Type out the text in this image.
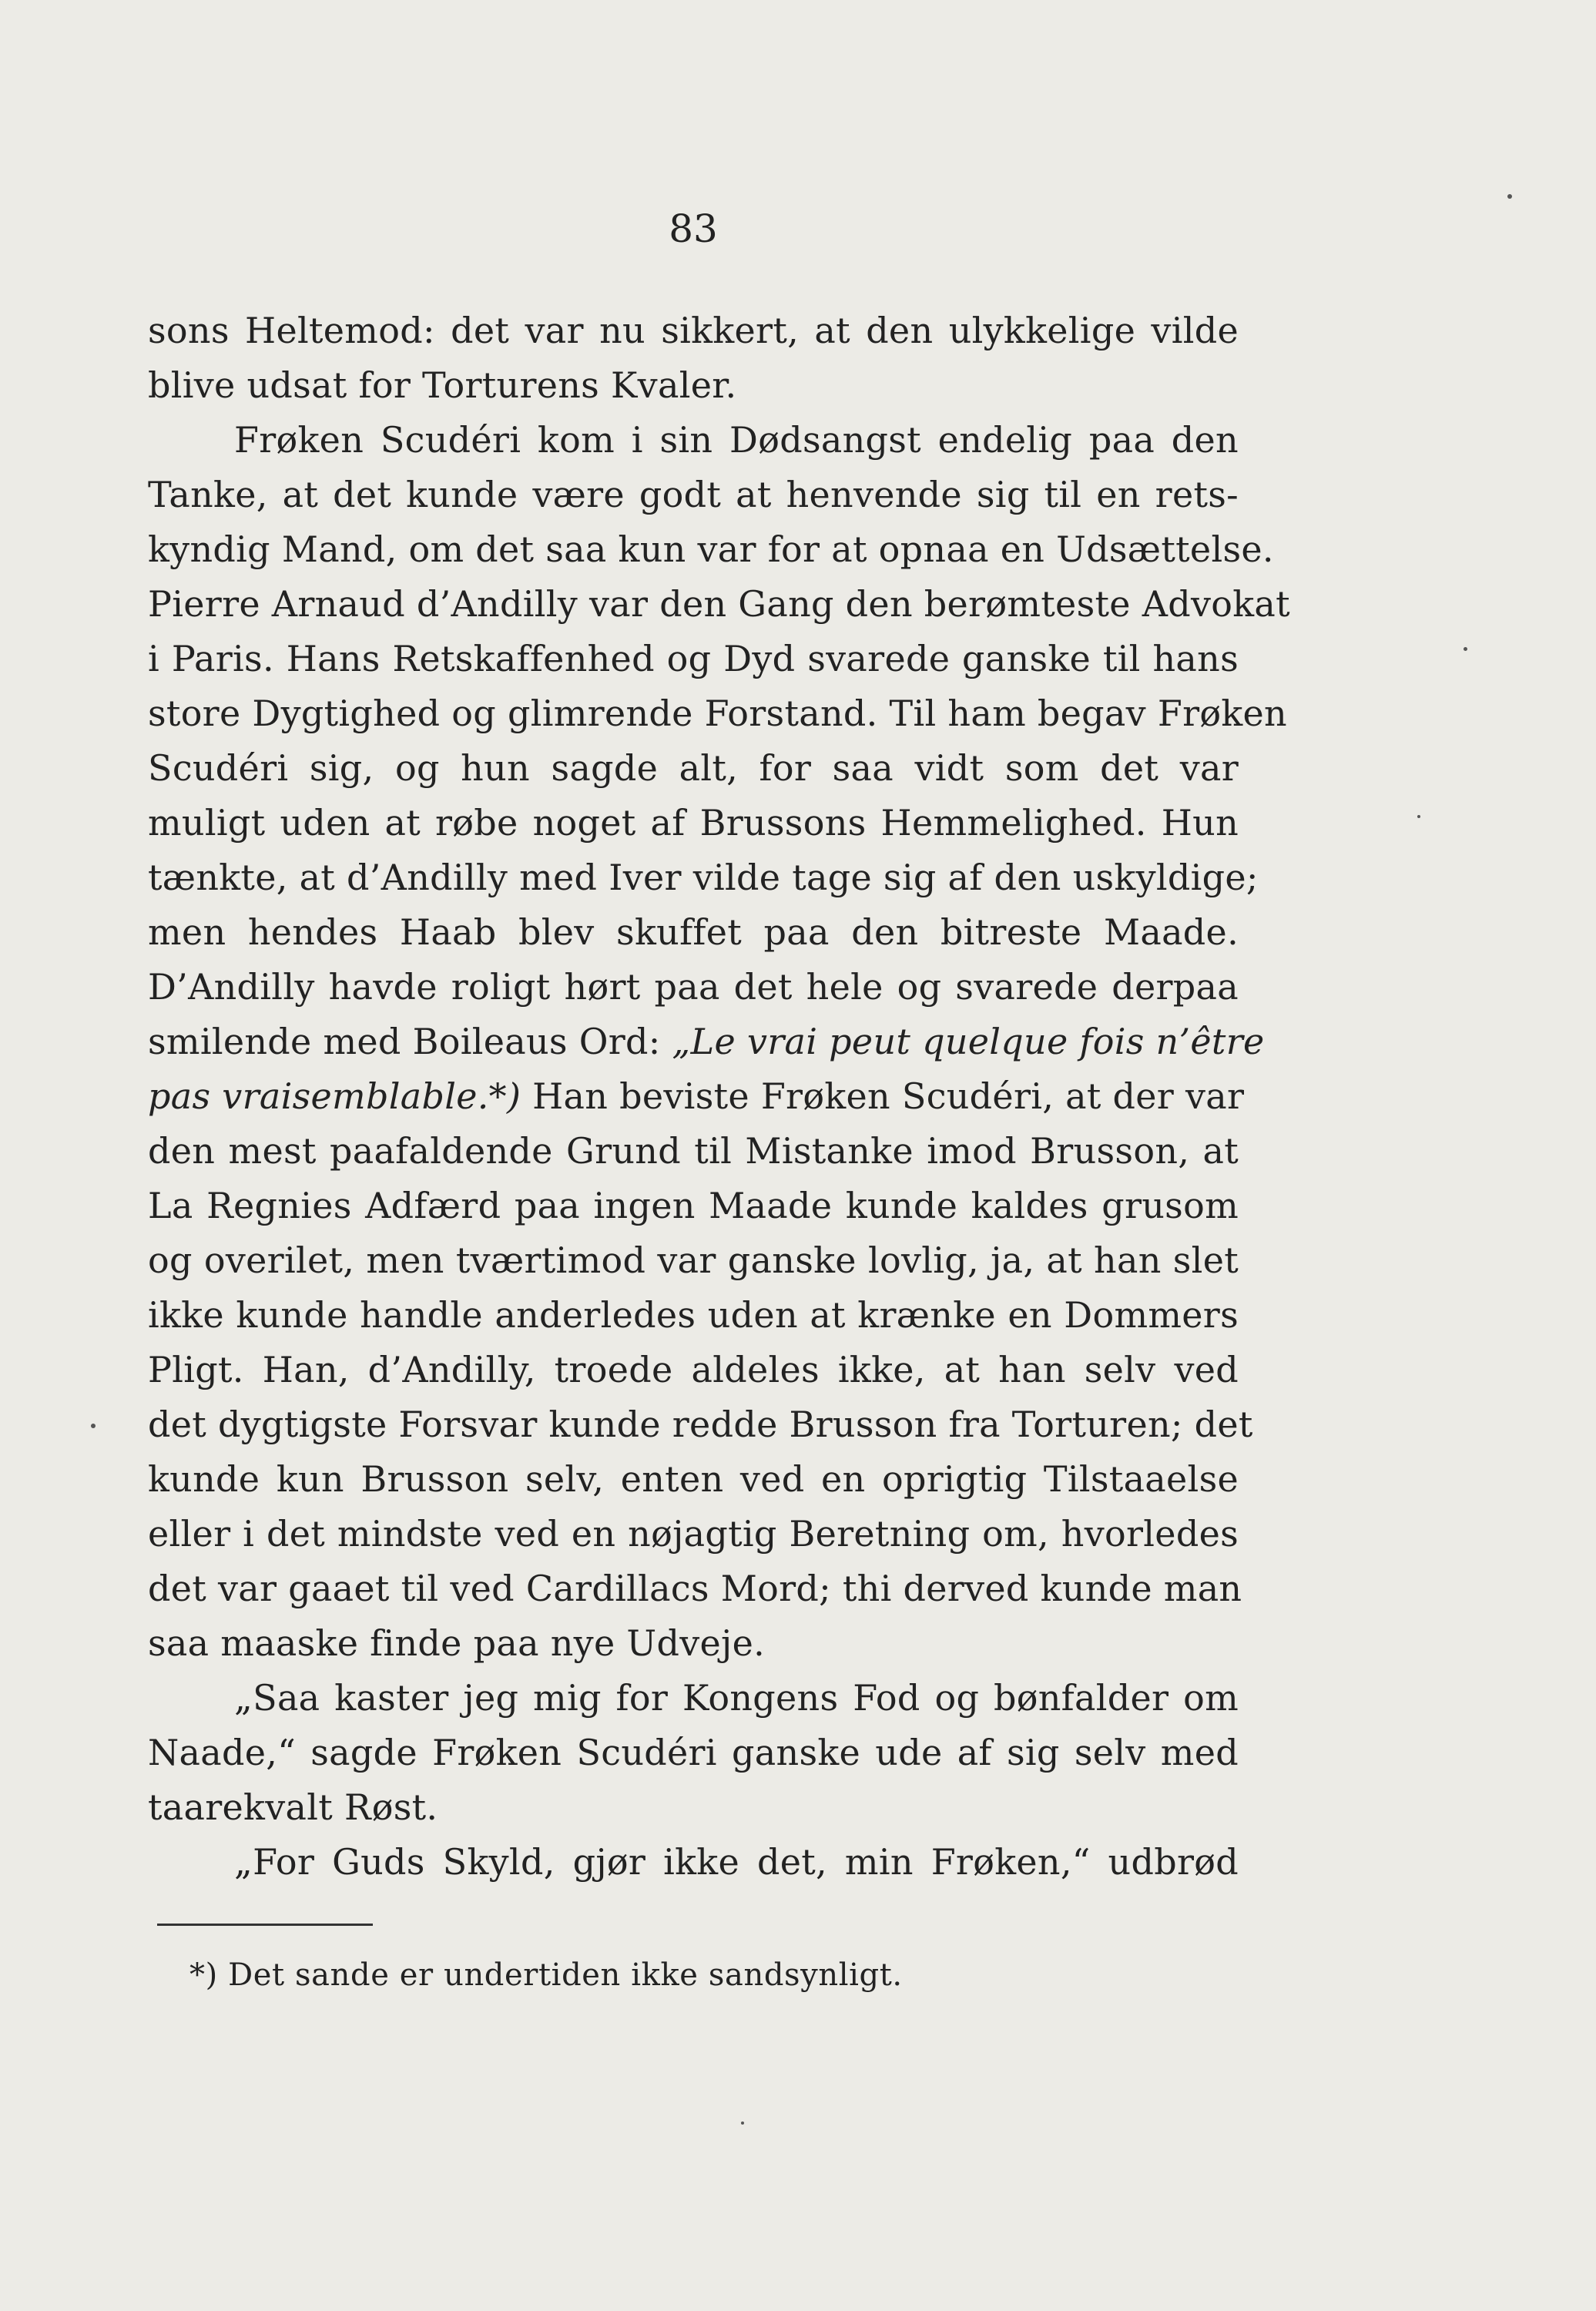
83
sons Heltemod: det var nu sikkert, at den ulykkelige vilde
blive udsat for Torturens Kvaler.
Frøken Scudéri kom i sin Dødsangst endelig paa den
Tanke, at det kunde være godt at henvende sig til en rets-
kyndig Mand, om det saa kun var for at opnaa en Udsættelse.
Pierre Arnaud d’Andilly var den Gang den berømteste Advokat
i Paris. Hans Retskaffenhed og Dyd svarede ganske til hans
store Dygtighed og glimrende Forstand. Til ham begav Frøken
Scudéri sig, og hun sagde alt, for saa vidt som det var
muligt uden at røbe noget af Brussons Hemmelighed. Hun
tænkte, at d’Andilly med Iver vilde tage sig af den uskyldige;
men hendes Haab blev skuffet paa den bitreste Maade.
D’Andilly havde roligt hørt paa det hele og svarede derpaa
smilende med Boileaus Ord: „Le vrai peut quelque fois n’être
pas vraisemblable.*) Han beviste Frøken Scudéri, at der var
den mest paafaldende Grund til Mistanke imod Brusson, at
La Regnies Adfærd paa ingen Maade kunde kaldes grusom
og overilet, men tværtimod var ganske lovlig, ja, at han slet
ikke kunde handle anderledes uden at krænke en Dommers
Pligt. Han, d’Andilly, troede aldeles ikke, at han selv ved
det dygtigste Forsvar kunde redde Brusson fra Torturen; det
kunde kun Brusson selv, enten ved en oprigtig Tilstaaelse
eller i det mindste ved en nøjagtig Beretning om, hvorledes
det var gaaet til ved Cardillacs Mord; thi derved kunde man
saa maaske finde paa nye Udveje.
„Saa kaster jeg mig for Kongens Fod og bønfalder om
Naade,“ sagde Frøken Scudéri ganske ude af sig selv med
taarekvalt Røst.
„For Guds Skyld, gjør ikke det, min Frøken,“ udbrød
*) Det sande er undertiden ikke sandsynligt.
